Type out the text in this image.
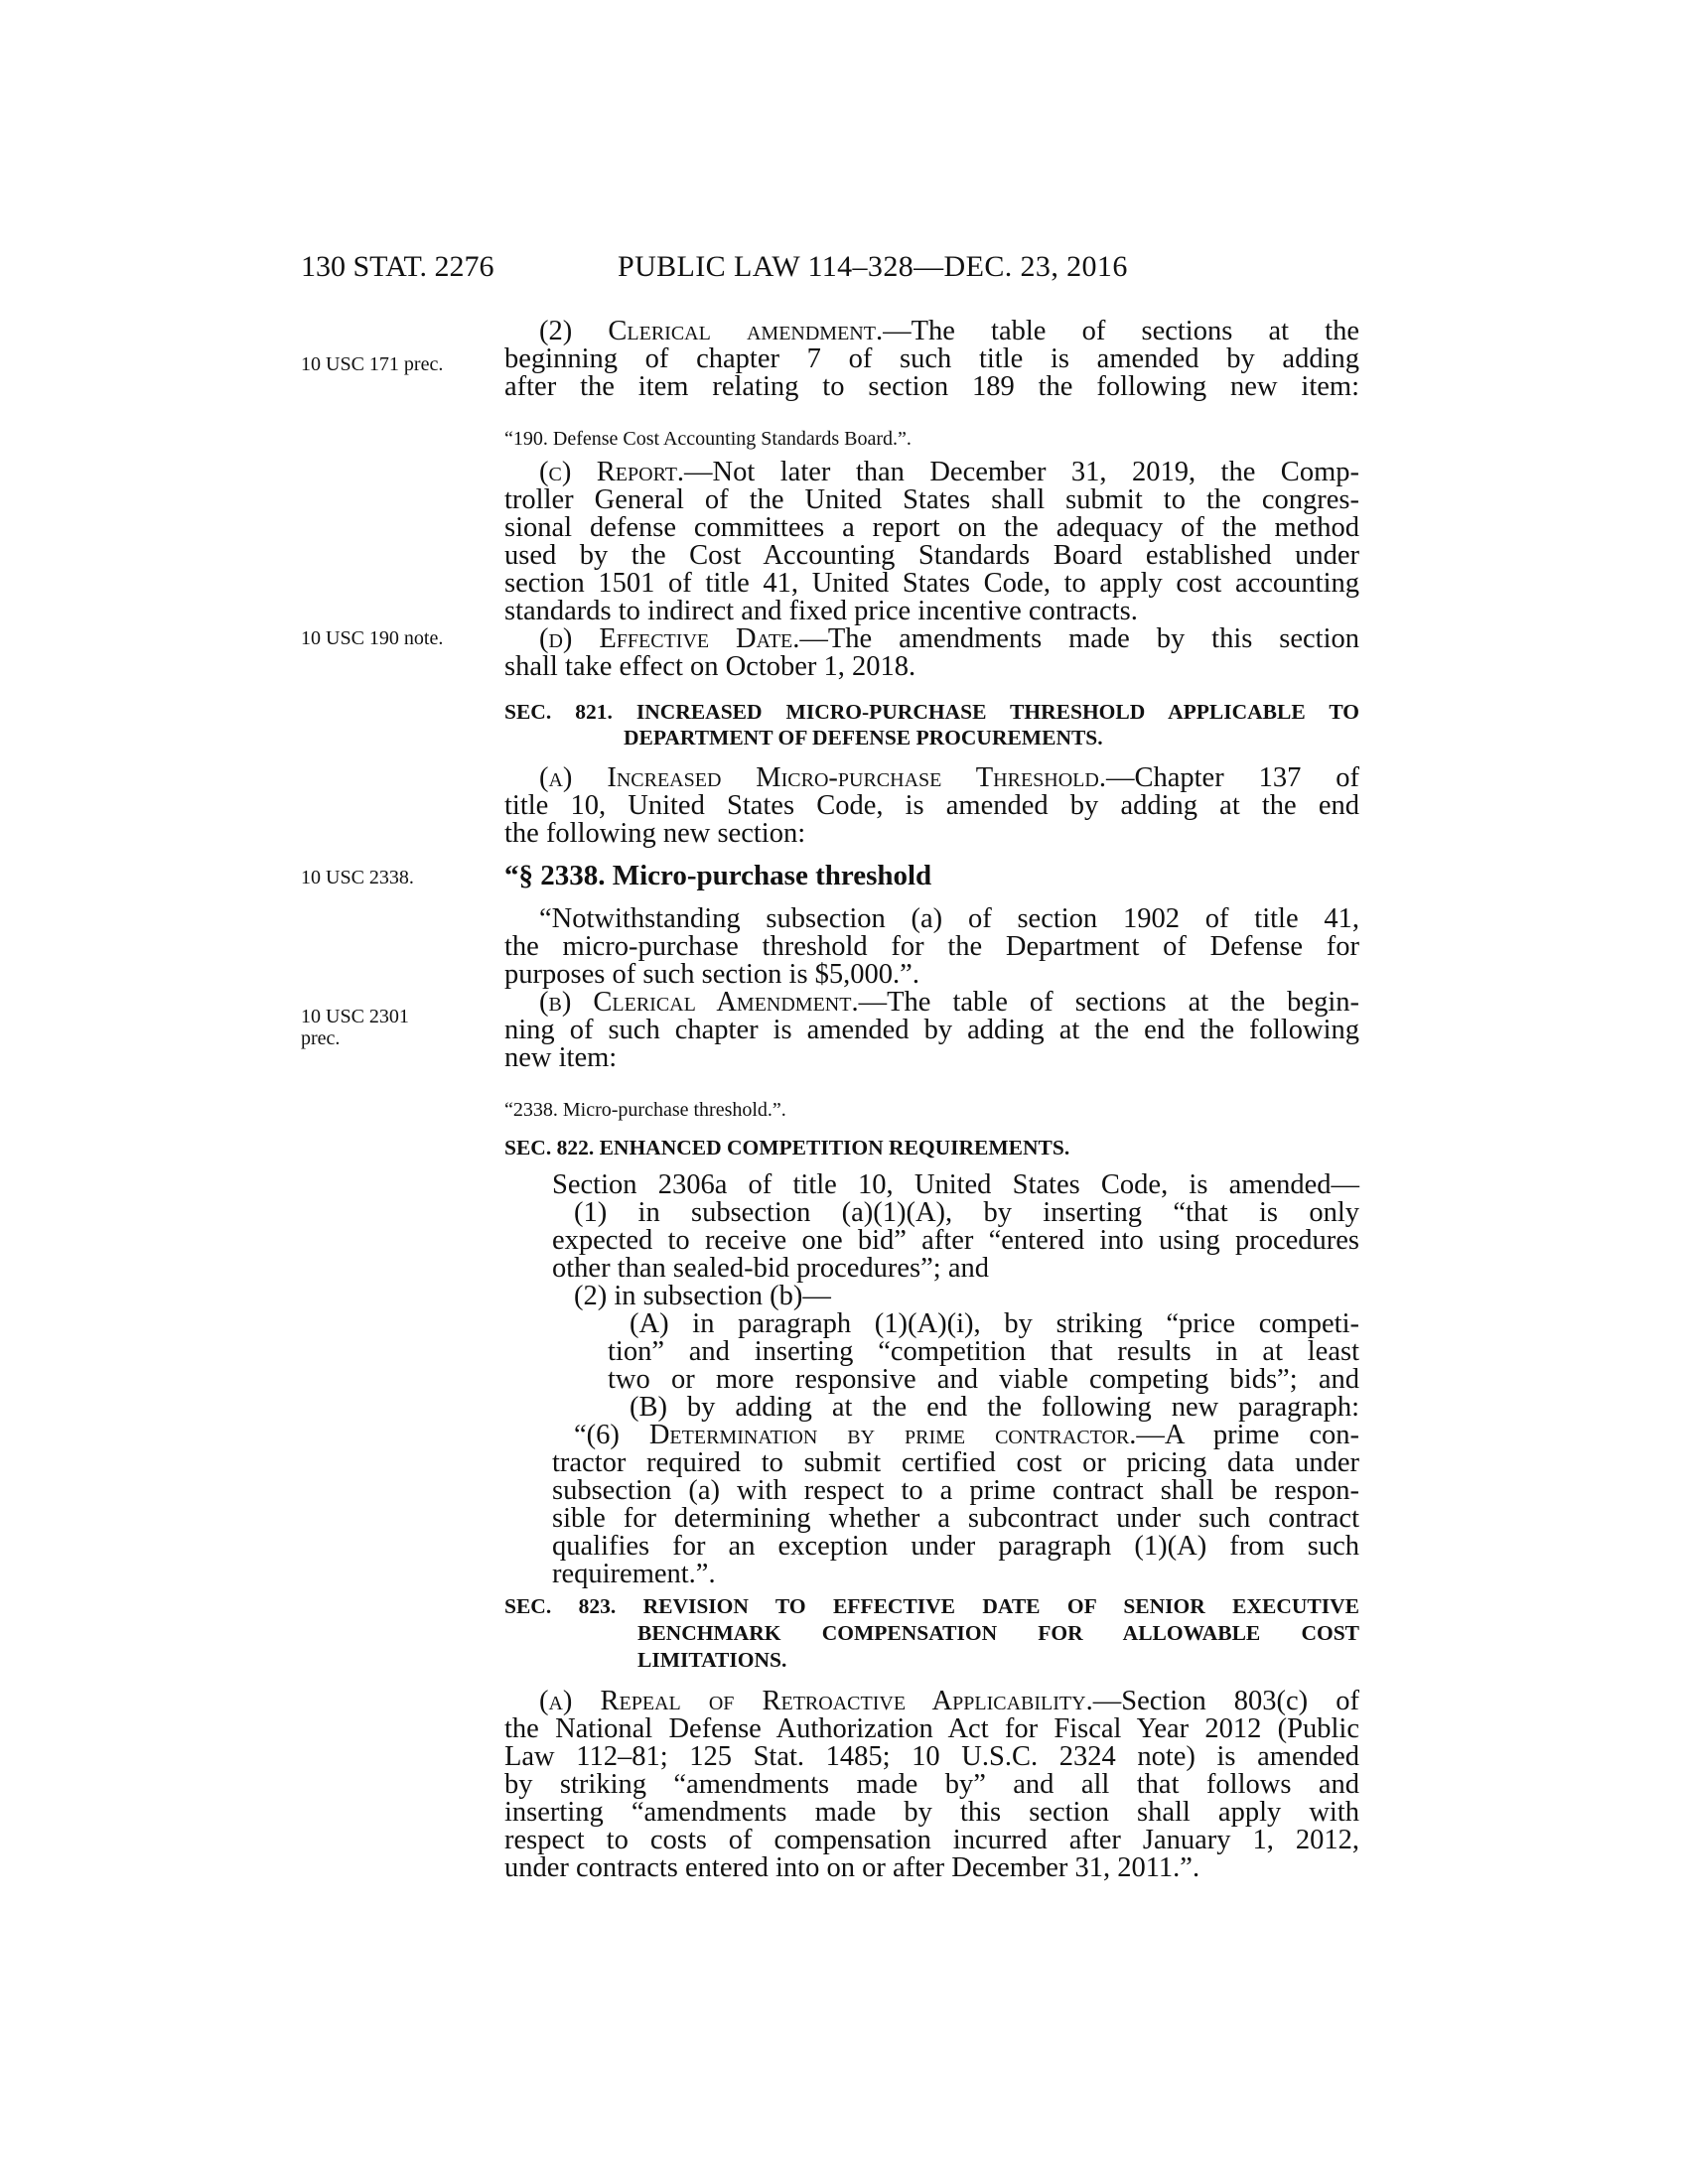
130 STAT. 2276	PUBLIC LAW 114–328—DEC. 23, 2016
10 USC 171 prec.
10 USC 190 note.
10 USC 2338.
10 USC 2301
prec.
(2) Clerical amendment.—The table of sections at the
beginning of chapter 7 of such title is amended by adding
after the item relating to section 189 the following new item:
“190. Defense Cost Accounting Standards Board.”.
(c) Report.—Not later than December 31, 2019, the Comp-
troller General of the United States shall submit to the congres-
sional defense committees a report on the adequacy of the method
used by the Cost Accounting Standards Board established under
section 1501 of title 41, United States Code, to apply cost accounting
standards to indirect and fixed price incentive contracts.
(d) Effective Date.—The amendments made by this section
shall take effect on October 1, 2018.
SEC. 821. INCREASED MICRO-PURCHASE THRESHOLD APPLICABLE TO
DEPARTMENT OF DEFENSE PROCUREMENTS.
(a) Increased Micro-purchase Threshold.—Chapter 137 of
title 10, United States Code, is amended by adding at the end
the following new section:
“§ 2338. Micro-purchase threshold
“Notwithstanding subsection (a) of section 1902 of title 41,
the micro-purchase threshold for the Department of Defense for
purposes of such section is $5,000.”.
(b) Clerical Amendment.—The table of sections at the begin-
ning of such chapter is amended by adding at the end the following
new item:
“2338. Micro-purchase threshold.”.
SEC. 822. ENHANCED COMPETITION REQUIREMENTS.
Section 2306a of title 10, United States Code, is amended—
(1) in subsection (a)(1)(A), by inserting “that is only
expected to receive one bid” after “entered into using procedures
other than sealed-bid procedures”; and
(2) in subsection (b)—
(A) in paragraph (1)(A)(i), by striking “price competi-
tion” and inserting “competition that results in at least
two or more responsive and viable competing bids”; and
(B) by adding at the end the following new paragraph:
“(6) Determination by prime contractor.—A prime con-
tractor required to submit certified cost or pricing data under
subsection (a) with respect to a prime contract shall be respon-
sible for determining whether a subcontract under such contract
qualifies for an exception under paragraph (1)(A) from such
requirement.”.
SEC. 823. REVISION TO EFFECTIVE DATE OF SENIOR EXECUTIVE
BENCHMARK COMPENSATION FOR ALLOWABLE COST
LIMITATIONS.
(a) Repeal of Retroactive Applicability.—Section 803(c) of
the National Defense Authorization Act for Fiscal Year 2012 (Public
Law 112–81; 125 Stat. 1485; 10 U.S.C. 2324 note) is amended
by striking “amendments made by” and all that follows and
inserting “amendments made by this section shall apply with
respect to costs of compensation incurred after January 1, 2012,
under contracts entered into on or after December 31, 2011.”.
